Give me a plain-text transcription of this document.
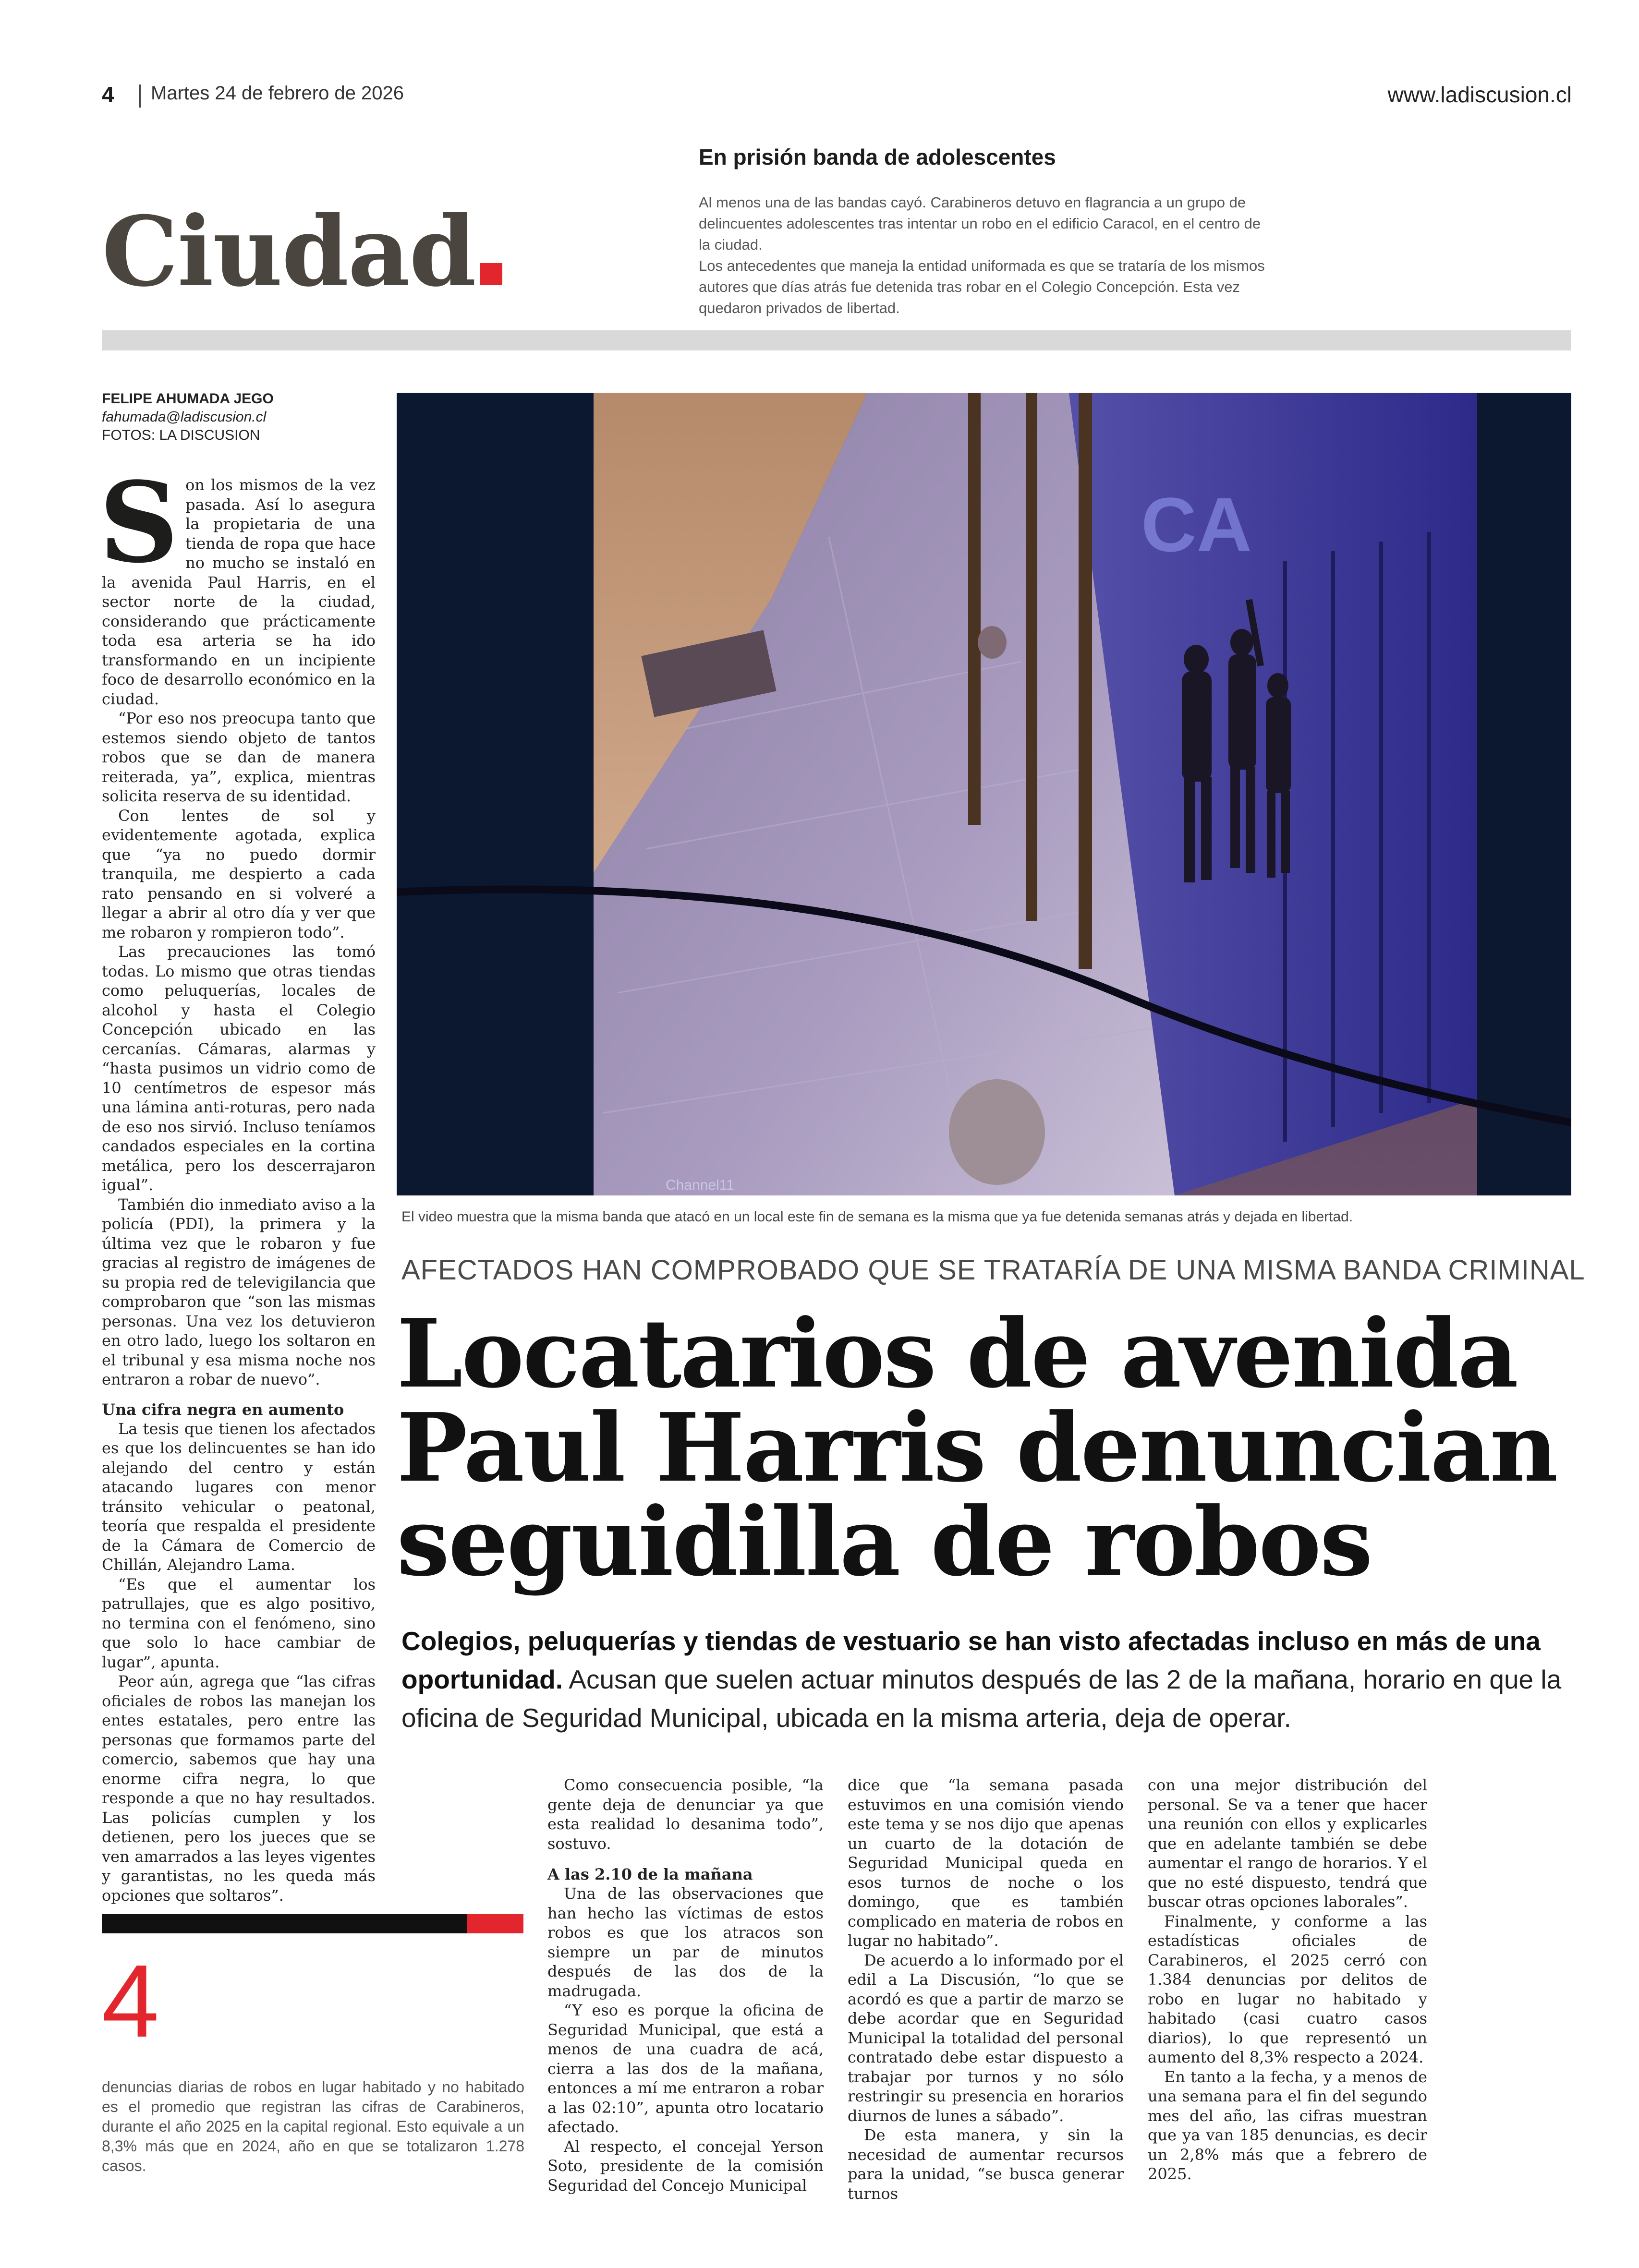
4 Martes 24 de febrero de 2026	www.ladiscusion.cl
Ciudad
En prisión banda de adolescentes

Al menos una de las bandas cayó. Carabineros detuvo en flagrancia a un grupo de delincuentes adolescentes tras intentar un robo en el edificio Caracol, en el centro de la ciudad.

Los antecedentes que maneja la entidad uniformada es que se trataría de los mismos autores que días atrás fue detenida tras robar en el Colegio Concepción. Esta vez quedaron privados de libertad.

FELIPE AHUMADA JEGO
fahumada@ladiscusion.cl
FOTOS: LA DISCUSION

Son los mismos de la vez pasada. Así lo asegura la propietaria de una tienda de ropa que hace no mucho se instaló en la avenida Paul Harris, en el sector norte de la ciudad, considerando que prácticamente toda esa arteria se ha ido transformando en un incipiente foco de desarrollo económico en la ciudad.

“Por eso nos preocupa tanto que estemos siendo objeto de tantos robos que se dan de manera reiterada, ya”, explica, mientras solicita reserva de su identidad.

Con lentes de sol y evidentemente agotada, explica que “ya no puedo dormir tranquila, me despierto a cada rato pensando en si volveré a llegar a abrir al otro día y ver que me robaron y rompieron todo”.

Las precauciones las tomó todas. Lo mismo que otras tiendas como peluquerías, locales de alcohol y hasta el Colegio Concepción ubicado en las cercanías. Cámaras, alarmas y “hasta pusimos un vidrio como de 10 centímetros de espesor más una lámina anti-roturas, pero nada de eso nos sirvió. Incluso teníamos candados especiales en la cortina metálica, pero los descerrajaron igual”.

También dio inmediato aviso a la policía (PDI), la primera y la última vez que le robaron y fue gracias al registro de imágenes de su propia red de televigilancia que comprobaron que “son las mismas personas. Una vez los detuvieron en otro lado, luego los soltaron en el tribunal y esa misma noche nos entraron a robar de nuevo”.

Una cifra negra en aumento

La tesis que tienen los afectados es que los delincuentes se han ido alejando del centro y están atacando lugares con menor tránsito vehicular o peatonal, teoría que respalda el presidente de la Cámara de Comercio de Chillán, Alejandro Lama.

“Es que el aumentar los patrullajes, que es algo positivo, no termina con el fenómeno, sino que solo lo hace cambiar de lugar”, apunta.

Peor aún, agrega que “las cifras oficiales de robos las manejan los entes estatales, pero entre las personas que formamos parte del comercio, sabemos que hay una enorme cifra negra, lo que responde a que no hay resultados. Las policías cumplen y los detienen, pero los jueces que se ven amarrados a las leyes vigentes y garantistas, no les queda más opciones que soltaros”.

4
denuncias diarias de robos en lugar habitado y no habitado es el promedio que registran las cifras de Carabineros, durante el año 2025 en la capital regional. Esto equivale a un 8,3% más que en 2024, año en que se totalizaron 1.278 casos.
CA
Channel11
El video muestra que la misma banda que atacó en un local este fin de semana es la misma que ya fue detenida semanas atrás y dejada en libertad.
AFECTADOS HAN COMPROBADO QUE SE TRATARÍA DE UNA MISMA BANDA CRIMINAL
Locatarios de avenida
Paul Harris denuncian
seguidilla de robos
Colegios, peluquerías y tiendas de vestuario se han visto afectadas incluso en más de una oportunidad. Acusan que suelen actuar minutos después de las 2 de la mañana, horario en que la oficina de Seguridad Municipal, ubicada en la misma arteria, deja de operar.

Como consecuencia posible, “la gente deja de denunciar ya que esta realidad lo desanima todo”, sostuvo.

A las 2.10 de la mañana

Una de las observaciones que han hecho las víctimas de estos robos es que los atracos son siempre un par de minutos después de las dos de la madrugada.

“Y eso es porque la oficina de Seguridad Municipal, que está a menos de una cuadra de acá, cierra a las dos de la mañana, entonces a mí me entraron a robar a las 02:10”, apunta otro locatario afectado.

Al respecto, el concejal Yerson Soto, presidente de la comisión Seguridad del Concejo Municipal

dice que “la semana pasada estuvimos en una comisión viendo este tema y se nos dijo que apenas un cuarto de la dotación de Seguridad Municipal queda en esos turnos de noche o los domingo, que es también complicado en materia de robos en lugar no habitado”.

De acuerdo a lo informado por el edil a La Discusión, “lo que se acordó es que a partir de marzo se debe acordar que en Seguridad Municipal la totalidad del personal contratado debe estar dispuesto a trabajar por turnos y no sólo restringir su presencia en horarios diurnos de lunes a sábado”.

De esta manera, y sin la necesidad de aumentar recursos para la unidad, “se busca generar turnos

con una mejor distribución del personal. Se va a tener que hacer una reunión con ellos y explicarles que en adelante también se debe aumentar el rango de horarios. Y el que no esté dispuesto, tendrá que buscar otras opciones laborales”.

Finalmente, y conforme a las estadísticas oficiales de Carabineros, el 2025 cerró con 1.384 denuncias por delitos de robo en lugar no habitado y habitado (casi cuatro casos diarios), lo que representó un aumento del 8,3% respecto a 2024.

En tanto a la fecha, y a menos de una semana para el fin del segundo mes del año, las cifras muestran que ya van 185 denuncias, es decir un 2,8% más que a febrero de 2025.
